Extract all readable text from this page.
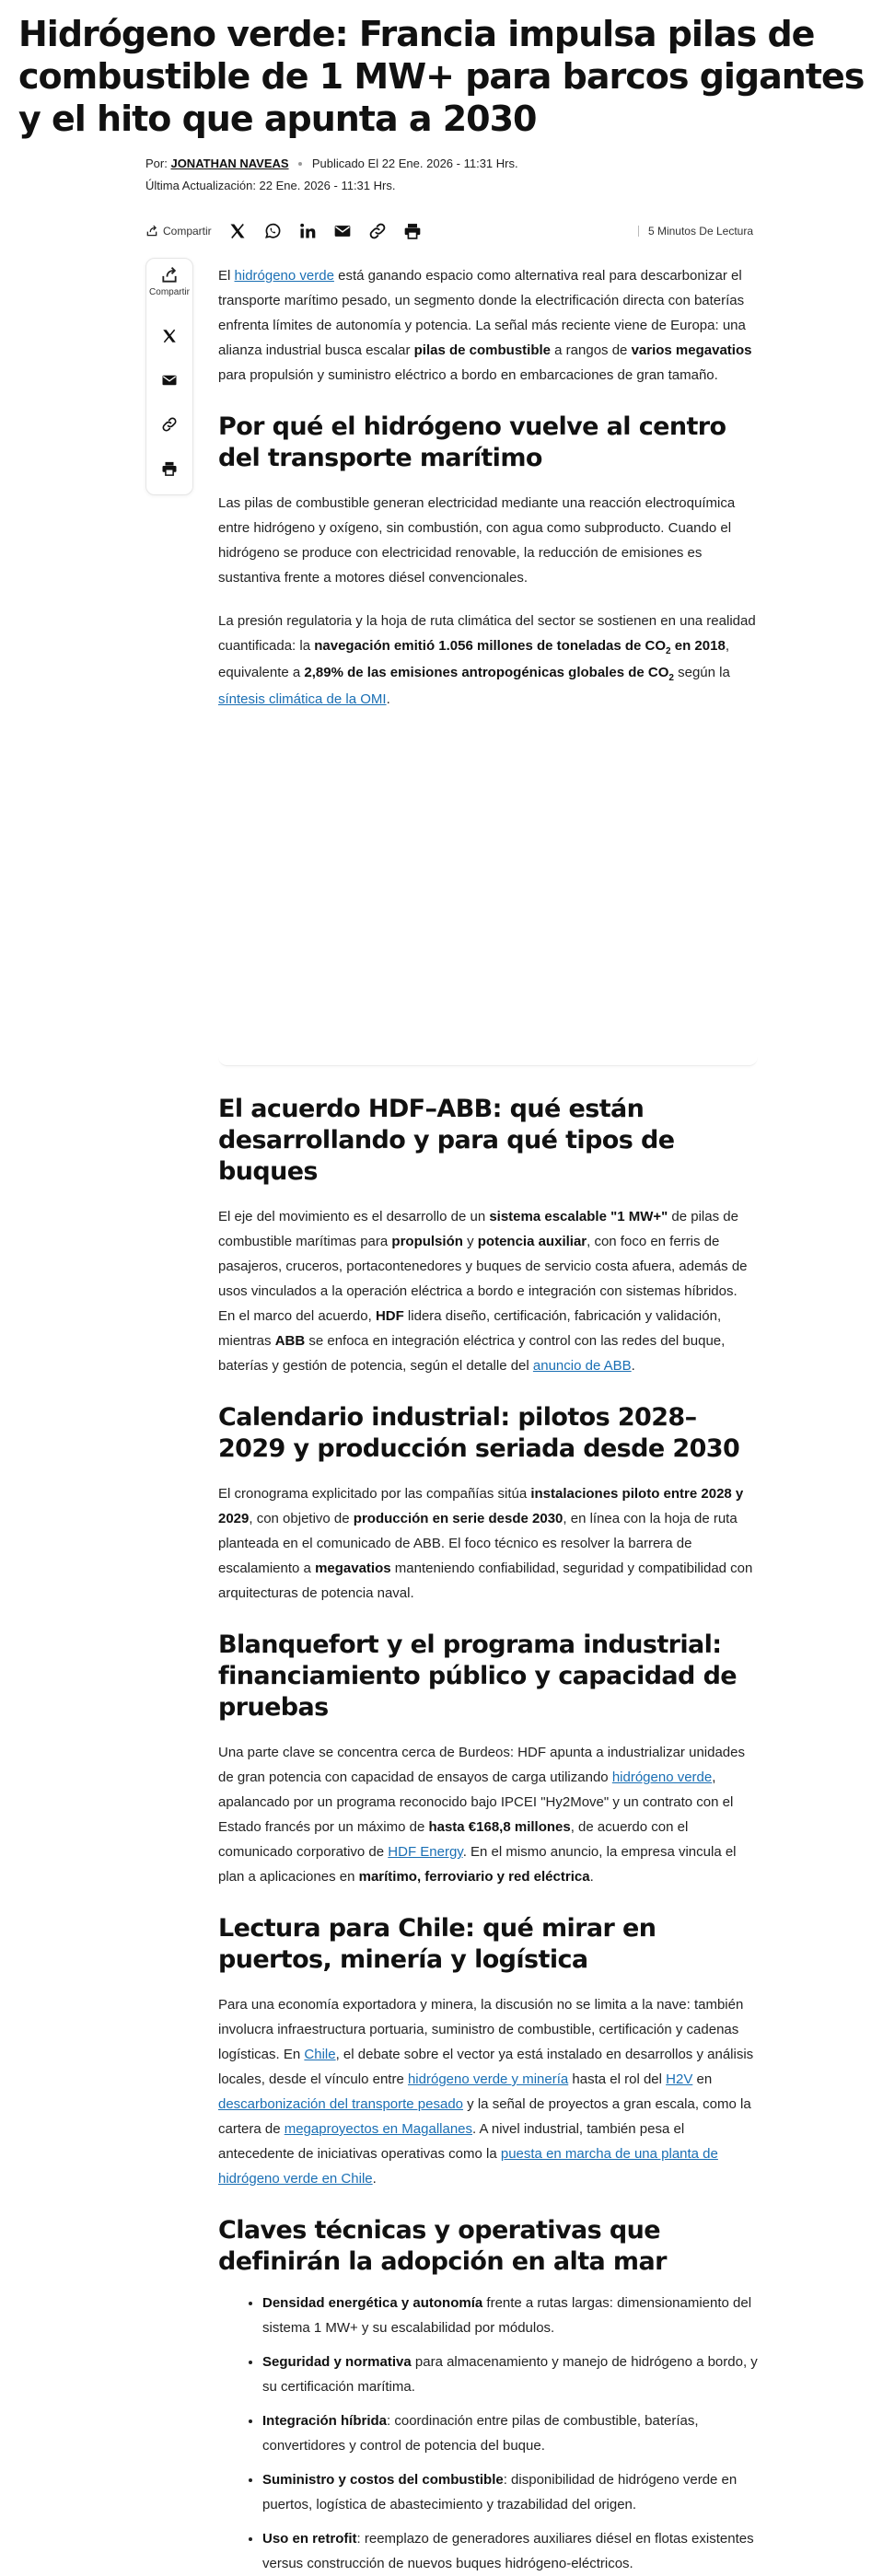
Hidrógeno verde: Francia impulsa pilas de combustible de 1 MW+ para barcos gigantes y el hito que apunta a 2030
Por: JONATHAN NAVEAS Publicado El 22 Ene. 2026 - 11:31 Hrs.
Última Actualización: 22 Ene. 2026 - 11:31 Hrs.
Compartir	5 Minutos De Lectura
Compartir

El hidrógeno verde está ganando espacio como alternativa real para descarbonizar el transporte marítimo pesado, un segmento donde la electrificación directa con baterías enfrenta límites de autonomía y potencia. La señal más reciente viene de Europa: una alianza industrial busca escalar pilas de combustible a rangos de varios megavatios para propulsión y suministro eléctrico a bordo en embarcaciones de gran tamaño.

Por qué el hidrógeno vuelve al centro del transporte marítimo

Las pilas de combustible generan electricidad mediante una reacción electroquímica entre hidrógeno y oxígeno, sin combustión, con agua como subproducto. Cuando el hidrógeno se produce con electricidad renovable, la reducción de emisiones es sustantiva frente a motores diésel convencionales.

La presión regulatoria y la hoja de ruta climática del sector se sostienen en una realidad cuantificada: la navegación emitió 1.056 millones de toneladas de $CO_2$ en 2018, equivalente a 2,89% de las emisiones antropogénicas globales de $CO_2$ según la síntesis climática de la OMI.

El acuerdo HDF–ABB: qué están desarrollando y para qué tipos de buques

El eje del movimiento es el desarrollo de un sistema escalable "1 MW+" de pilas de combustible marítimas para propulsión y potencia auxiliar, con foco en ferris de pasajeros, cruceros, portacontenedores y buques de servicio costa afuera, además de usos vinculados a la operación eléctrica a bordo e integración con sistemas híbridos. En el marco del acuerdo, HDF lidera diseño, certificación, fabricación y validación, mientras ABB se enfoca en integración eléctrica y control con las redes del buque, baterías y gestión de potencia, según el detalle del anuncio de ABB.

Calendario industrial: pilotos 2028–2029 y producción seriada desde 2030

El cronograma explicitado por las compañías sitúa instalaciones piloto entre 2028 y 2029, con objetivo de producción en serie desde 2030, en línea con la hoja de ruta planteada en el comunicado de ABB. El foco técnico es resolver la barrera de escalamiento a megavatios manteniendo confiabilidad, seguridad y compatibilidad con arquitecturas de potencia naval.

Blanquefort y el programa industrial: financiamiento público y capacidad de pruebas

Una parte clave se concentra cerca de Burdeos: HDF apunta a industrializar unidades de gran potencia con capacidad de ensayos de carga utilizando hidrógeno verde, apalancado por un programa reconocido bajo IPCEI "Hy2Move" y un contrato con el Estado francés por un máximo de hasta €168,8 millones, de acuerdo con el comunicado corporativo de HDF Energy. En el mismo anuncio, la empresa vincula el plan a aplicaciones en marítimo, ferroviario y red eléctrica.

Lectura para Chile: qué mirar en puertos, minería y logística

Para una economía exportadora y minera, la discusión no se limita a la nave: también involucra infraestructura portuaria, suministro de combustible, certificación y cadenas logísticas. En Chile, el debate sobre el vector ya está instalado en desarrollos y análisis locales, desde el vínculo entre hidrógeno verde y minería hasta el rol del H2V en descarbonización del transporte pesado y la señal de proyectos a gran escala, como la cartera de megaproyectos en Magallanes. A nivel industrial, también pesa el antecedente de iniciativas operativas como la puesta en marcha de una planta de hidrógeno verde en Chile.

Claves técnicas y operativas que definirán la adopción en alta mar
• Densidad energética y autonomía frente a rutas largas: dimensionamiento del sistema 1 MW+ y su escalabilidad por módulos.
• Seguridad y normativa para almacenamiento y manejo de hidrógeno a bordo, y su certificación marítima.
• Integración híbrida: coordinación entre pilas de combustible, baterías, convertidores y control de potencia del buque.
• Suministro y costos del combustible: disponibilidad de hidrógeno verde en puertos, logística de abastecimiento y trazabilidad del origen.
• Uso en retrofit: reemplazo de generadores auxiliares diésel en flotas existentes versus construcción de nuevos buques hidrógeno-eléctricos.
